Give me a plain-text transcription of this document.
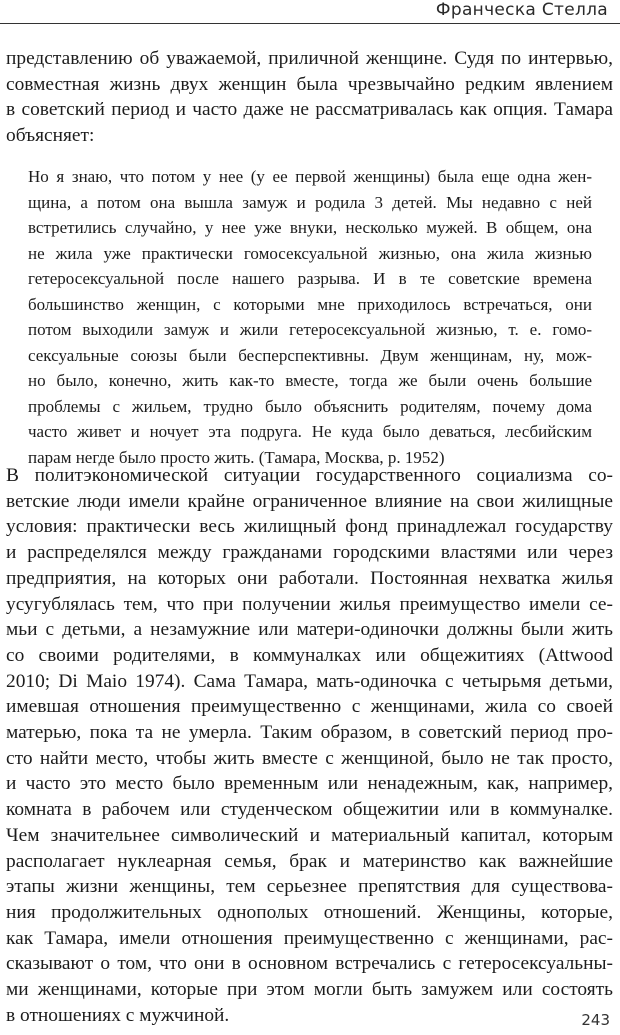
Франческа Стелла
представлению об уважаемой, приличной женщине. Судя по интервью,
совместная жизнь двух женщин была чрезвычайно редким явлением
в советский период и часто даже не рассматривалась как опция. Тамара
объясняет:
Но я знаю, что потом у нее (у ее первой женщины) была еще одна жен-
щина, а потом она вышла замуж и родила 3 детей. Мы недавно с ней
встретились случайно, у нее уже внуки, несколько мужей. В общем, она
не жила уже практически гомосексуальной жизнью, она жила жизнью
гетеросексуальной после нашего разрыва. И в те советские времена
большинство женщин, с которыми мне приходилось встречаться, они
потом выходили замуж и жили гетеросексуальной жизнью, т. е. гомо-
сексуальные союзы были бесперспективны. Двум женщинам, ну, мож-
но было, конечно, жить как-то вместе, тогда же были очень большие
проблемы с жильем, трудно было объяснить родителям, почему дома
часто живет и ночует эта подруга. Не куда было деваться, лесбийским
парам негде было просто жить. (Тамара, Москва, р. 1952)
В политэкономической ситуации государственного социализма со-
ветские люди имели крайне ограниченное влияние на свои жилищные
условия: практически весь жилищный фонд принадлежал государству
и распределялся между гражданами городскими властями или через
предприятия, на которых они работали. Постоянная нехватка жилья
усугублялась тем, что при получении жилья преимущество имели се-
мьи с детьми, а незамужние или матери-одиночки должны были жить
со своими родителями, в коммуналках или общежитиях (Attwood
2010; Di Maio 1974). Сама Тамара, мать-одиночка с четырьмя детьми,
имевшая отношения преимущественно с женщинами, жила со своей
матерью, пока та не умерла. Таким образом, в советский период про-
сто найти место, чтобы жить вместе с женщиной, было не так просто,
и часто это место было временным или ненадежным, как, например,
комната в рабочем или студенческом общежитии или в коммуналке.
Чем значительнее символический и материальный капитал, которым
располагает нуклеарная семья, брак и материнство как важнейшие
этапы жизни женщины, тем серьезнее препятствия для существова-
ния продолжительных однополых отношений. Женщины, которые,
как Тамара, имели отношения преимущественно с женщинами, рас-
сказывают о том, что они в основном встречались с гетеросексуальны-
ми женщинами, которые при этом могли быть замужем или состоять
в отношениях с мужчиной.	243
